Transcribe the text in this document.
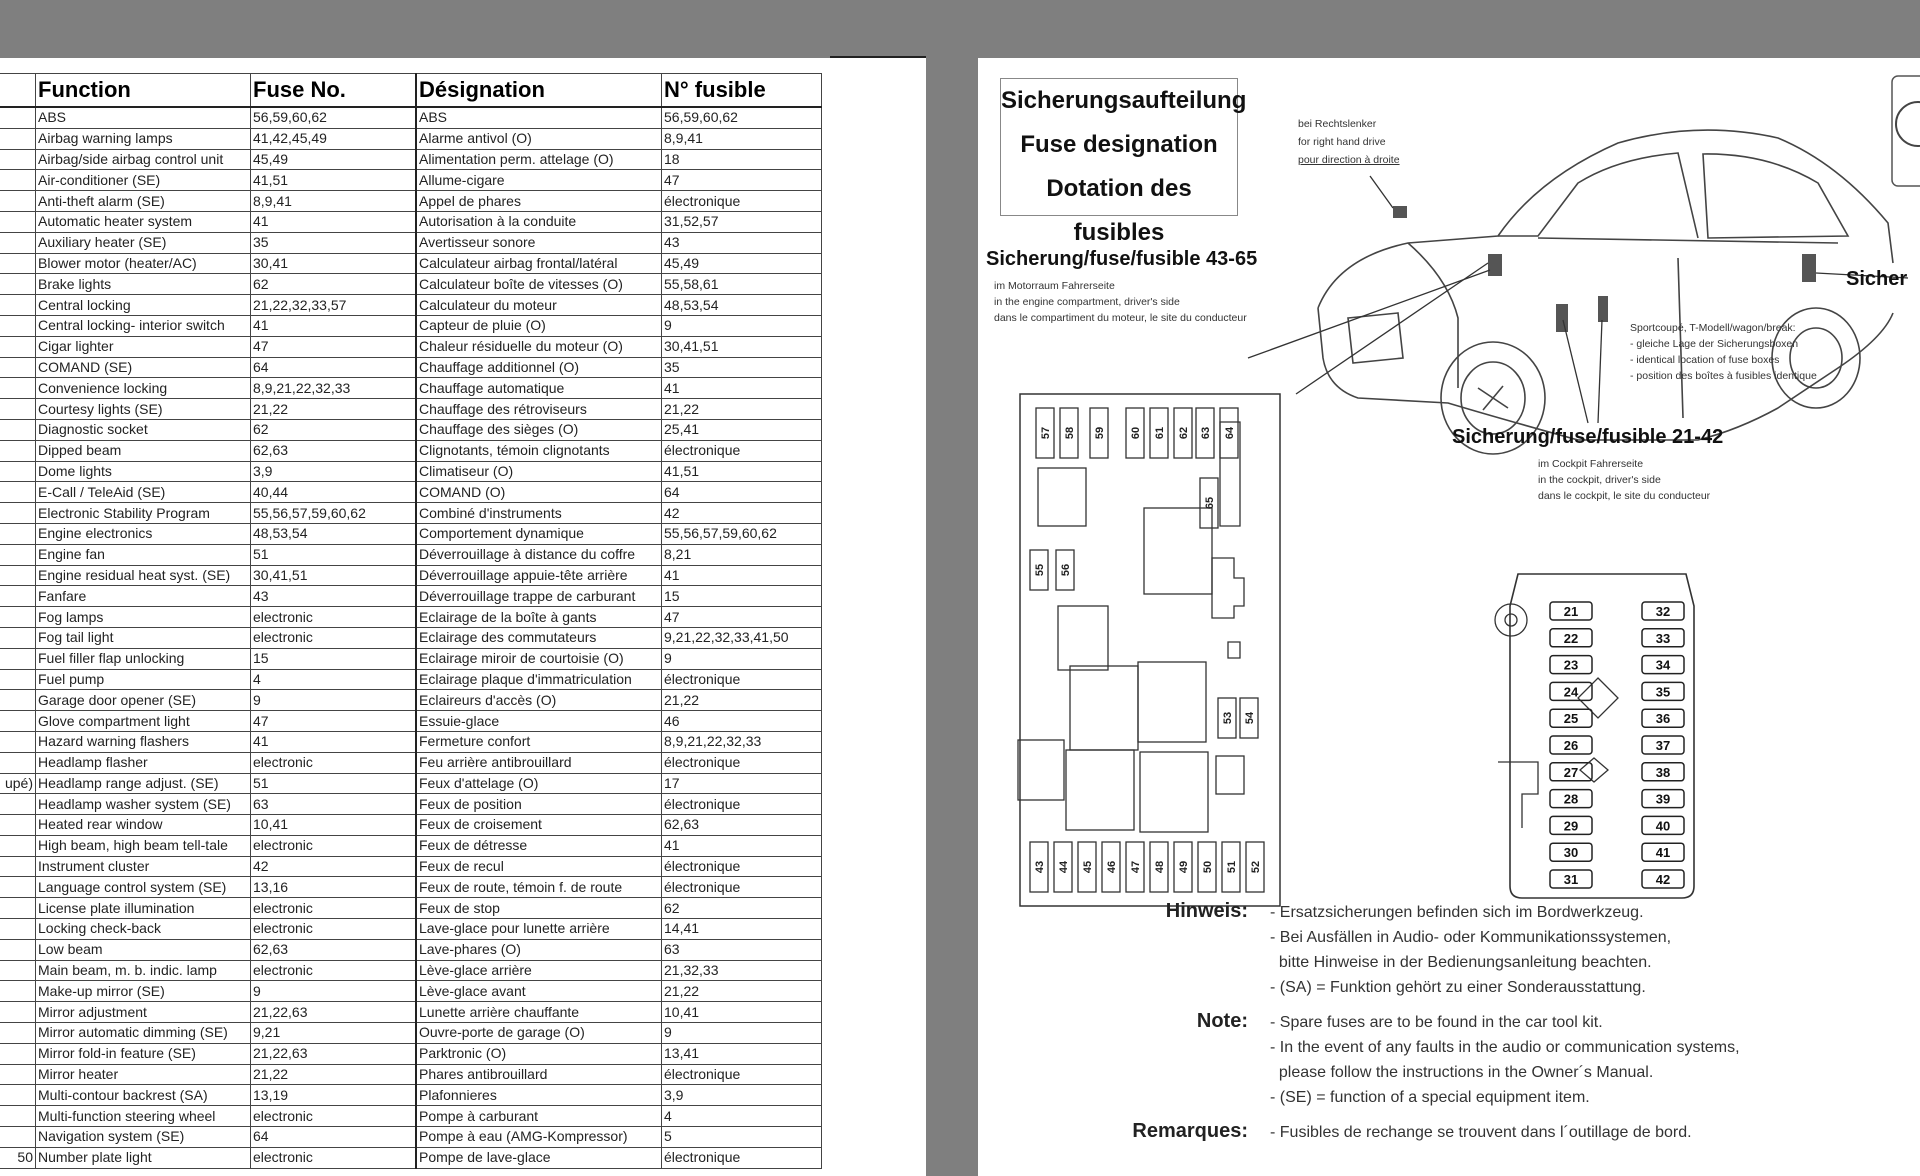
	Function	Fuse No.	Désignation	N° fusible
	ABS	56,59,60,62	ABS	56,59,60,62
	Airbag warning lamps	41,42,45,49	Alarme antivol (O)	8,9,41
	Airbag/side airbag control unit	45,49	Alimentation perm. attelage (O)	18
	Air-conditioner (SE)	41,51	Allume-cigare	47
	Anti-theft alarm (SE)	8,9,41	Appel de phares	électronique
	Automatic heater system	41	Autorisation à la conduite	31,52,57
	Auxiliary heater (SE)	35	Avertisseur sonore	43
	Blower motor (heater/AC)	30,41	Calculateur airbag frontal/latéral	45,49
	Brake lights	62	Calculateur boîte de vitesses (O)	55,58,61
	Central locking	21,22,32,33,57	Calculateur du moteur	48,53,54
	Central locking- interior switch	41	Capteur de pluie (O)	9
	Cigar lighter	47	Chaleur résiduelle du moteur (O)	30,41,51
	COMAND (SE)	64	Chauffage additionnel (O)	35
	Convenience locking	8,9,21,22,32,33	Chauffage automatique	41
	Courtesy lights (SE)	21,22	Chauffage des rétroviseurs	21,22
	Diagnostic socket	62	Chauffage des sièges (O)	25,41
	Dipped beam	62,63	Clignotants, témoin clignotants	électronique
	Dome lights	3,9	Climatiseur (O)	41,51
	E-Call / TeleAid (SE)	40,44	COMAND (O)	64
	Electronic Stability Program	55,56,57,59,60,62	Combiné d'instruments	42
	Engine electronics	48,53,54	Comportement dynamique	55,56,57,59,60,62
	Engine fan	51	Déverrouillage à distance du coffre	8,21
	Engine residual heat syst. (SE)	30,41,51	Déverrouillage appuie-tête arrière	41
	Fanfare	43	Déverrouillage trappe de carburant	15
	Fog lamps	electronic	Eclairage de la boîte à gants	47
	Fog tail light	electronic	Eclairage des commutateurs	9,21,22,32,33,41,50
	Fuel filler flap unlocking	15	Eclairage miroir de courtoisie (O)	9
	Fuel pump	4	Eclairage plaque d'immatriculation	électronique
	Garage door opener (SE)	9	Eclaireurs d'accès (O)	21,22
	Glove compartment light	47	Essuie-glace	46
	Hazard warning flashers	41	Fermeture confort	8,9,21,22,32,33
	Headlamp flasher	electronic	Feu arrière antibrouillard	électronique
upé)	Headlamp range adjust. (SE)	51	Feux d'attelage (O)	17
	Headlamp washer system (SE)	63	Feux de position	électronique
	Heated rear window	10,41	Feux de croisement	62,63
	High beam, high beam tell-tale	electronic	Feux de détresse	41
	Instrument cluster	42	Feux de recul	électronique
	Language control system (SE)	13,16	Feux de route, témoin f. de route	électronique
	License plate illumination	electronic	Feux de stop	62
	Locking check-back	electronic	Lave-glace pour lunette arrière	14,41
	Low beam	62,63	Lave-phares (O)	63
	Main beam, m. b. indic. lamp	electronic	Lève-glace arrière	21,32,33
	Make-up mirror (SE)	9	Lève-glace avant	21,22
	Mirror adjustment	21,22,63	Lunette arrière chauffante	10,41
	Mirror automatic dimming (SE)	9,21	Ouvre-porte de garage (O)	9
	Mirror fold-in feature (SE)	21,22,63	Parktronic (O)	13,41
	Mirror heater	21,22	Phares antibrouillard	électronique
	Multi-contour backrest (SA)	13,19	Plafonnieres	3,9
	Multi-function steering wheel	electronic	Pompe à carburant	4
	Navigation system (SE)	64	Pompe à eau (AMG-Kompressor)	5
50	Number plate light	electronic	Pompe de lave-glace	électronique
Sicherungsaufteilung
Fuse designation
Dotation des fusibles
57 58 59 60 61 62 63 64
65
55 56
53 54
43 44 45 46 47 48 49 50 51 52
21
22
23
24
25
26
27
28
29
30
31
32
33
34
35
36
37
38
39
40
41
42
bei Rechtslenker
for right hand drive
pour direction à droite
Sicherung/fuse/fusible 43-65
im Motorraum Fahrerseite
in the engine compartment, driver's side
dans le compartiment du moteur, le site du conducteur
Sportcoupé, T-Modell/wagon/break:
- gleiche Lage der Sicherungsboxen
- identical location of fuse boxes
- position des boîtes à fusibles identique
Sicherung/fuse/fusible 21-42
im Cockpit Fahrerseite
in the cockpit, driver's side
dans le cockpit, le site du conducteur
Sicher
Hinweis: - Ersatzsicherungen befinden sich im Bordwerkzeug.
- Bei Ausfällen in Audio- oder Kommunikationssystemen,
bitte Hinweise in der Bedienungsanleitung beachten.
- (SA) = Funktion gehört zu einer Sonderausstattung.
Note: - Spare fuses are to be found in the car tool kit.
- In the event of any faults in the audio or communication systems,
please follow the instructions in the Owner´s Manual.
- (SE) = function of a special equipment item.
Remarques: - Fusibles de rechange se trouvent dans l´outillage de bord.
